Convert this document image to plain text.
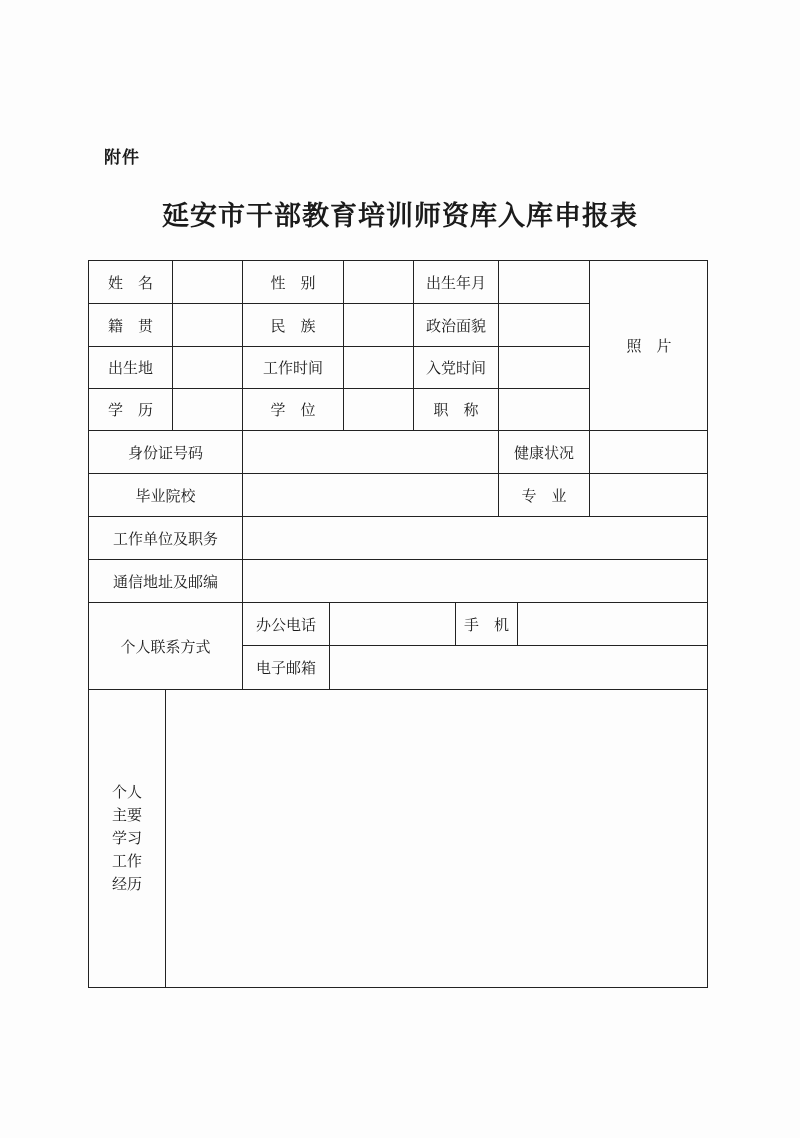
附件
延安市干部教育培训师资库入库申报表
姓　名	性　别	出生年月
照　片
籍　贯	民　族	政治面貌
出生地	工作时间	入党时间
学　历	学　位	职　称
身份证号码	健康状况
毕业院校	专　业
工作单位及职务
通信地址及邮编
个人联系方式
办公电话	手　机
电子邮箱
个人
主要
学习
工作
经历
